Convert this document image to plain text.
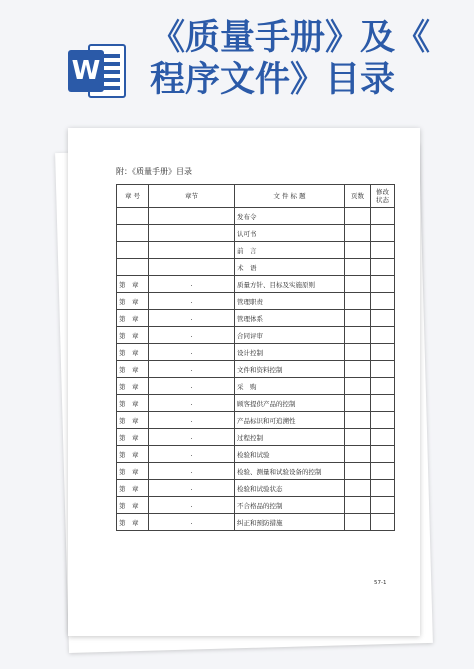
W
《质量手册》及《
程序文件》目录
附：《质量手册》目录
章 号	章节	文 件 标 题	页数	修改状态
		发布令		
		认可书		
		前　言		
		术　语		
第　章	.	质量方针、目标及实施原则		
第　章	.	管理职责		
第　章	.	管理体系		
第　章	.	合同评审		
第　章	.	设计控制		
第　章	.	文件和资料控制		
第　章	.	采　购		
第　章	.	顾客提供产品的控制		
第　章	.	产品标识和可追溯性		
第　章	.	过程控制		
第　章	.	检验和试验		
第　章	.	检验、测量和试验设备的控制		
第　章	.	检验和试验状态		
第　章	.	不合格品的控制		
第　章	.	纠正和预防措施		
57-1
